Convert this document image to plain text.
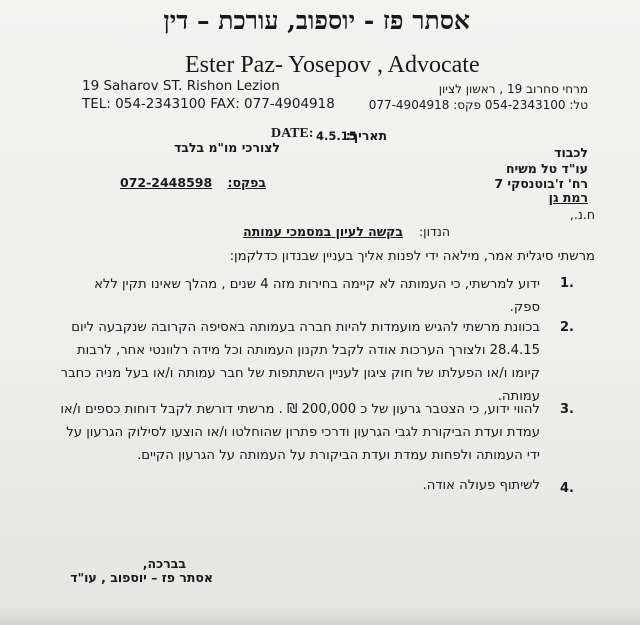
אסתר פז - יוספוב, עורכת – דין
Ester Paz- Yosepov , Advocate
19 Saharov ST. Rishon Lezion
TEL: 054-2343100 FAX: 077-4904918
מרחי סחרוב 19 , ראשון לציון
טל: 054-2343100 פקס: 077-4904918
DATE: 4.5.15
תאריך:
לצורכי מו"מ בלבד	לכבוד
עו"ד טל משיח
רח' ז'בוטנסקי 7
רמת גן
בפקס:
072-2448598
ח.נ.,
הנדון:
בקשה לעיון במסמכי עמותה
מרשתי סיגלית אמר, מילאה ידי לפנות אליך בעניין שבנדון כדלקמן:
.1
ידוע למרשתי, כי העמותה לא קיימה בחירות מזה 4 שנים , מהלך שאינו תקין ללא ספק.
.2
בכוונת מרשתי להגיש מועמדות להיות חברה בעמותה באסיפה הקרובה שנקבעה ליום 28.4.15 ולצורך הערכות אודה לקבל תקנון העמותה וכל מידה רלוונטי אחר, לרבות קיומו ו/או הפעלתו של חוק ציגון לעניין השתתפות של חבר עמותה ו/או בעל מניה כחבר עמותה.
.3
להווי ידוע, כי הצטבר גרעון של כ 200,000 ₪ . מרשתי דורשת לקבל דוחות כספים ו/או עמדת ועדת הביקורת לגבי הגרעון ודרכי פתרון שהוחלטו ו/או הוצעו לסילוק הגרעון על ידי העמותה ולפחות עמדת ועדת הביקורת על העמותה על הגרעון הקיים.
.4
לשיתוף פעולה אודה.
בברכה,
אסתר פז – יוספוב , עו"ד
